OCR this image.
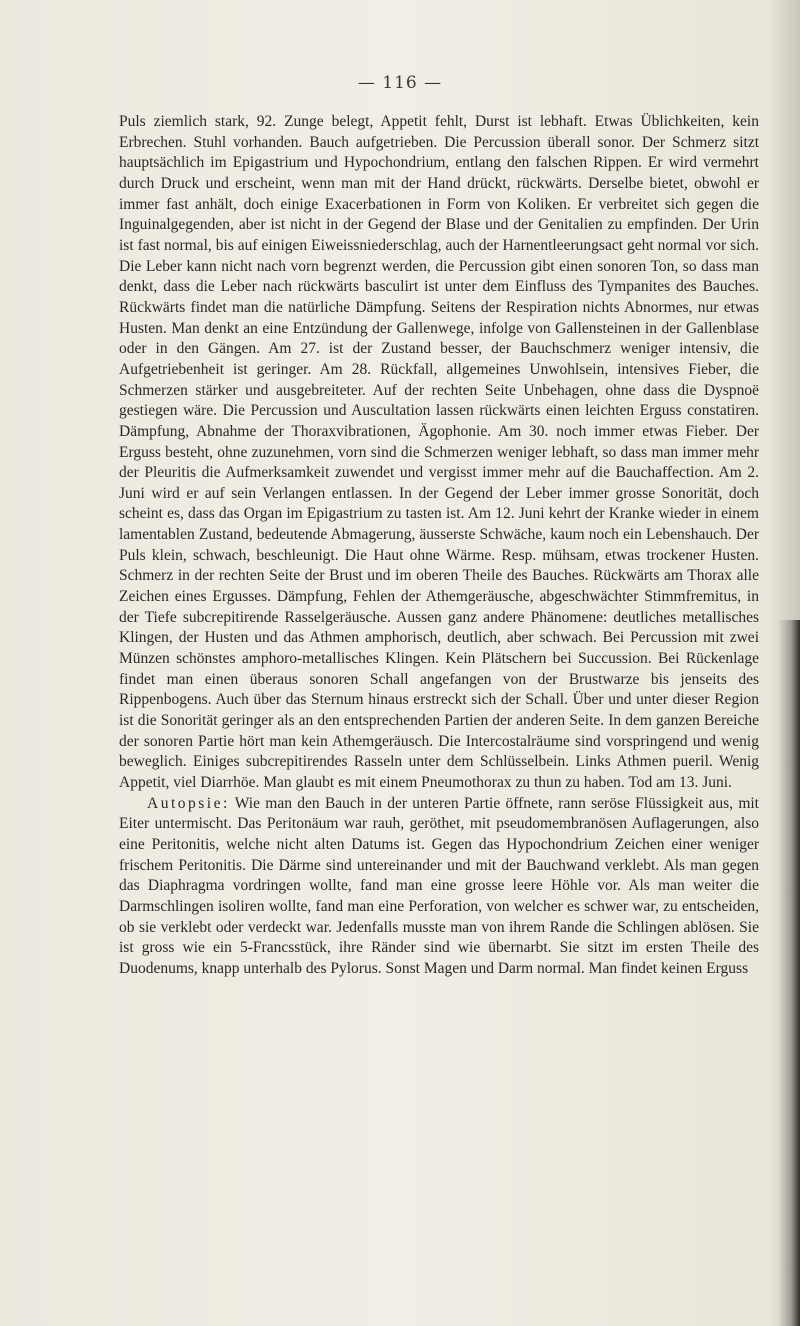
— 116 —

Puls ziemlich stark, 92. Zunge belegt, Appetit fehlt, Durst ist lebhaft. Etwas Üblichkeiten, kein Erbrechen. Stuhl vorhanden. Bauch aufgetrieben. Die Percussion überall sonor. Der Schmerz sitzt hauptsächlich im Epigastrium und Hypochondrium, entlang den falschen Rippen. Er wird vermehrt durch Druck und erscheint, wenn man mit der Hand drückt, rückwärts. Derselbe bietet, obwohl er immer fast anhält, doch einige Exacerbationen in Form von Koliken. Er verbreitet sich gegen die Inguinalgegenden, aber ist nicht in der Gegend der Blase und der Genitalien zu empfinden. Der Urin ist fast normal, bis auf einigen Eiweissniederschlag, auch der Harnentleerungsact geht normal vor sich. Die Leber kann nicht nach vorn begrenzt werden, die Percussion gibt einen sonoren Ton, so dass man denkt, dass die Leber nach rückwärts basculirt ist unter dem Einfluss des Tympanites des Bauches. Rückwärts findet man die natürliche Dämpfung. Seitens der Respiration nichts Abnormes, nur etwas Husten. Man denkt an eine Entzündung der Gallenwege, infolge von Gallensteinen in der Gallenblase oder in den Gängen. Am 27. ist der Zustand besser, der Bauchschmerz weniger intensiv, die Aufgetriebenheit ist geringer. Am 28. Rückfall, allgemeines Unwohlsein, intensives Fieber, die Schmerzen stärker und ausgebreiteter. Auf der rechten Seite Unbehagen, ohne dass die Dyspnoë gestiegen wäre. Die Percussion und Auscultation lassen rückwärts einen leichten Erguss constatiren. Dämpfung, Abnahme der Thoraxvibrationen, Ägophonie. Am 30. noch immer etwas Fieber. Der Erguss besteht, ohne zuzunehmen, vorn sind die Schmerzen weniger lebhaft, so dass man immer mehr der Pleuritis die Aufmerksamkeit zuwendet und vergisst immer mehr auf die Bauchaffection. Am 2. Juni wird er auf sein Verlangen entlassen. In der Gegend der Leber immer grosse Sonorität, doch scheint es, dass das Organ im Epigastrium zu tasten ist. Am 12. Juni kehrt der Kranke wieder in einem lamentablen Zustand, bedeutende Abmagerung, äusserste Schwäche, kaum noch ein Lebenshauch. Der Puls klein, schwach, beschleunigt. Die Haut ohne Wärme. Resp. mühsam, etwas trockener Husten. Schmerz in der rechten Seite der Brust und im oberen Theile des Bauches. Rückwärts am Thorax alle Zeichen eines Ergusses. Dämpfung, Fehlen der Athemgeräusche, abgeschwächter Stimmfremitus, in der Tiefe subcrepitirende Rasselgeräusche. Aussen ganz andere Phänomene: deutliches metallisches Klingen, der Husten und das Athmen amphorisch, deutlich, aber schwach. Bei Percussion mit zwei Münzen schönstes amphoro-metallisches Klingen. Kein Plätschern bei Succussion. Bei Rückenlage findet man einen überaus sonoren Schall angefangen von der Brustwarze bis jenseits des Rippenbogens. Auch über das Sternum hinaus erstreckt sich der Schall. Über und unter dieser Region ist die Sonorität geringer als an den entsprechenden Partien der anderen Seite. In dem ganzen Bereiche der sonoren Partie hört man kein Athemgeräusch. Die Intercostalräume sind vorspringend und wenig beweglich. Einiges subcrepitirendes Rasseln unter dem Schlüsselbein. Links Athmen pueril. Wenig Appetit, viel Diarrhöe. Man glaubt es mit einem Pneumothorax zu thun zu haben. Tod am 13. Juni.

Autopsie: Wie man den Bauch in der unteren Partie öffnete, rann seröse Flüssigkeit aus, mit Eiter untermischt. Das Peritonäum war rauh, geröthet, mit pseudomembranösen Auflagerungen, also eine Peritonitis, welche nicht alten Datums ist. Gegen das Hypochondrium Zeichen einer weniger frischem Peritonitis. Die Därme sind untereinander und mit der Bauchwand verklebt. Als man gegen das Diaphragma vordringen wollte, fand man eine grosse leere Höhle vor. Als man weiter die Darmschlingen isoliren wollte, fand man eine Perforation, von welcher es schwer war, zu entscheiden, ob sie verklebt oder verdeckt war. Jedenfalls musste man von ihrem Rande die Schlingen ablösen. Sie ist gross wie ein 5-Francsstück, ihre Ränder sind wie übernarbt. Sie sitzt im ersten Theile des Duodenums, knapp unterhalb des Pylorus. Sonst Magen und Darm normal. Man findet keinen Erguss
